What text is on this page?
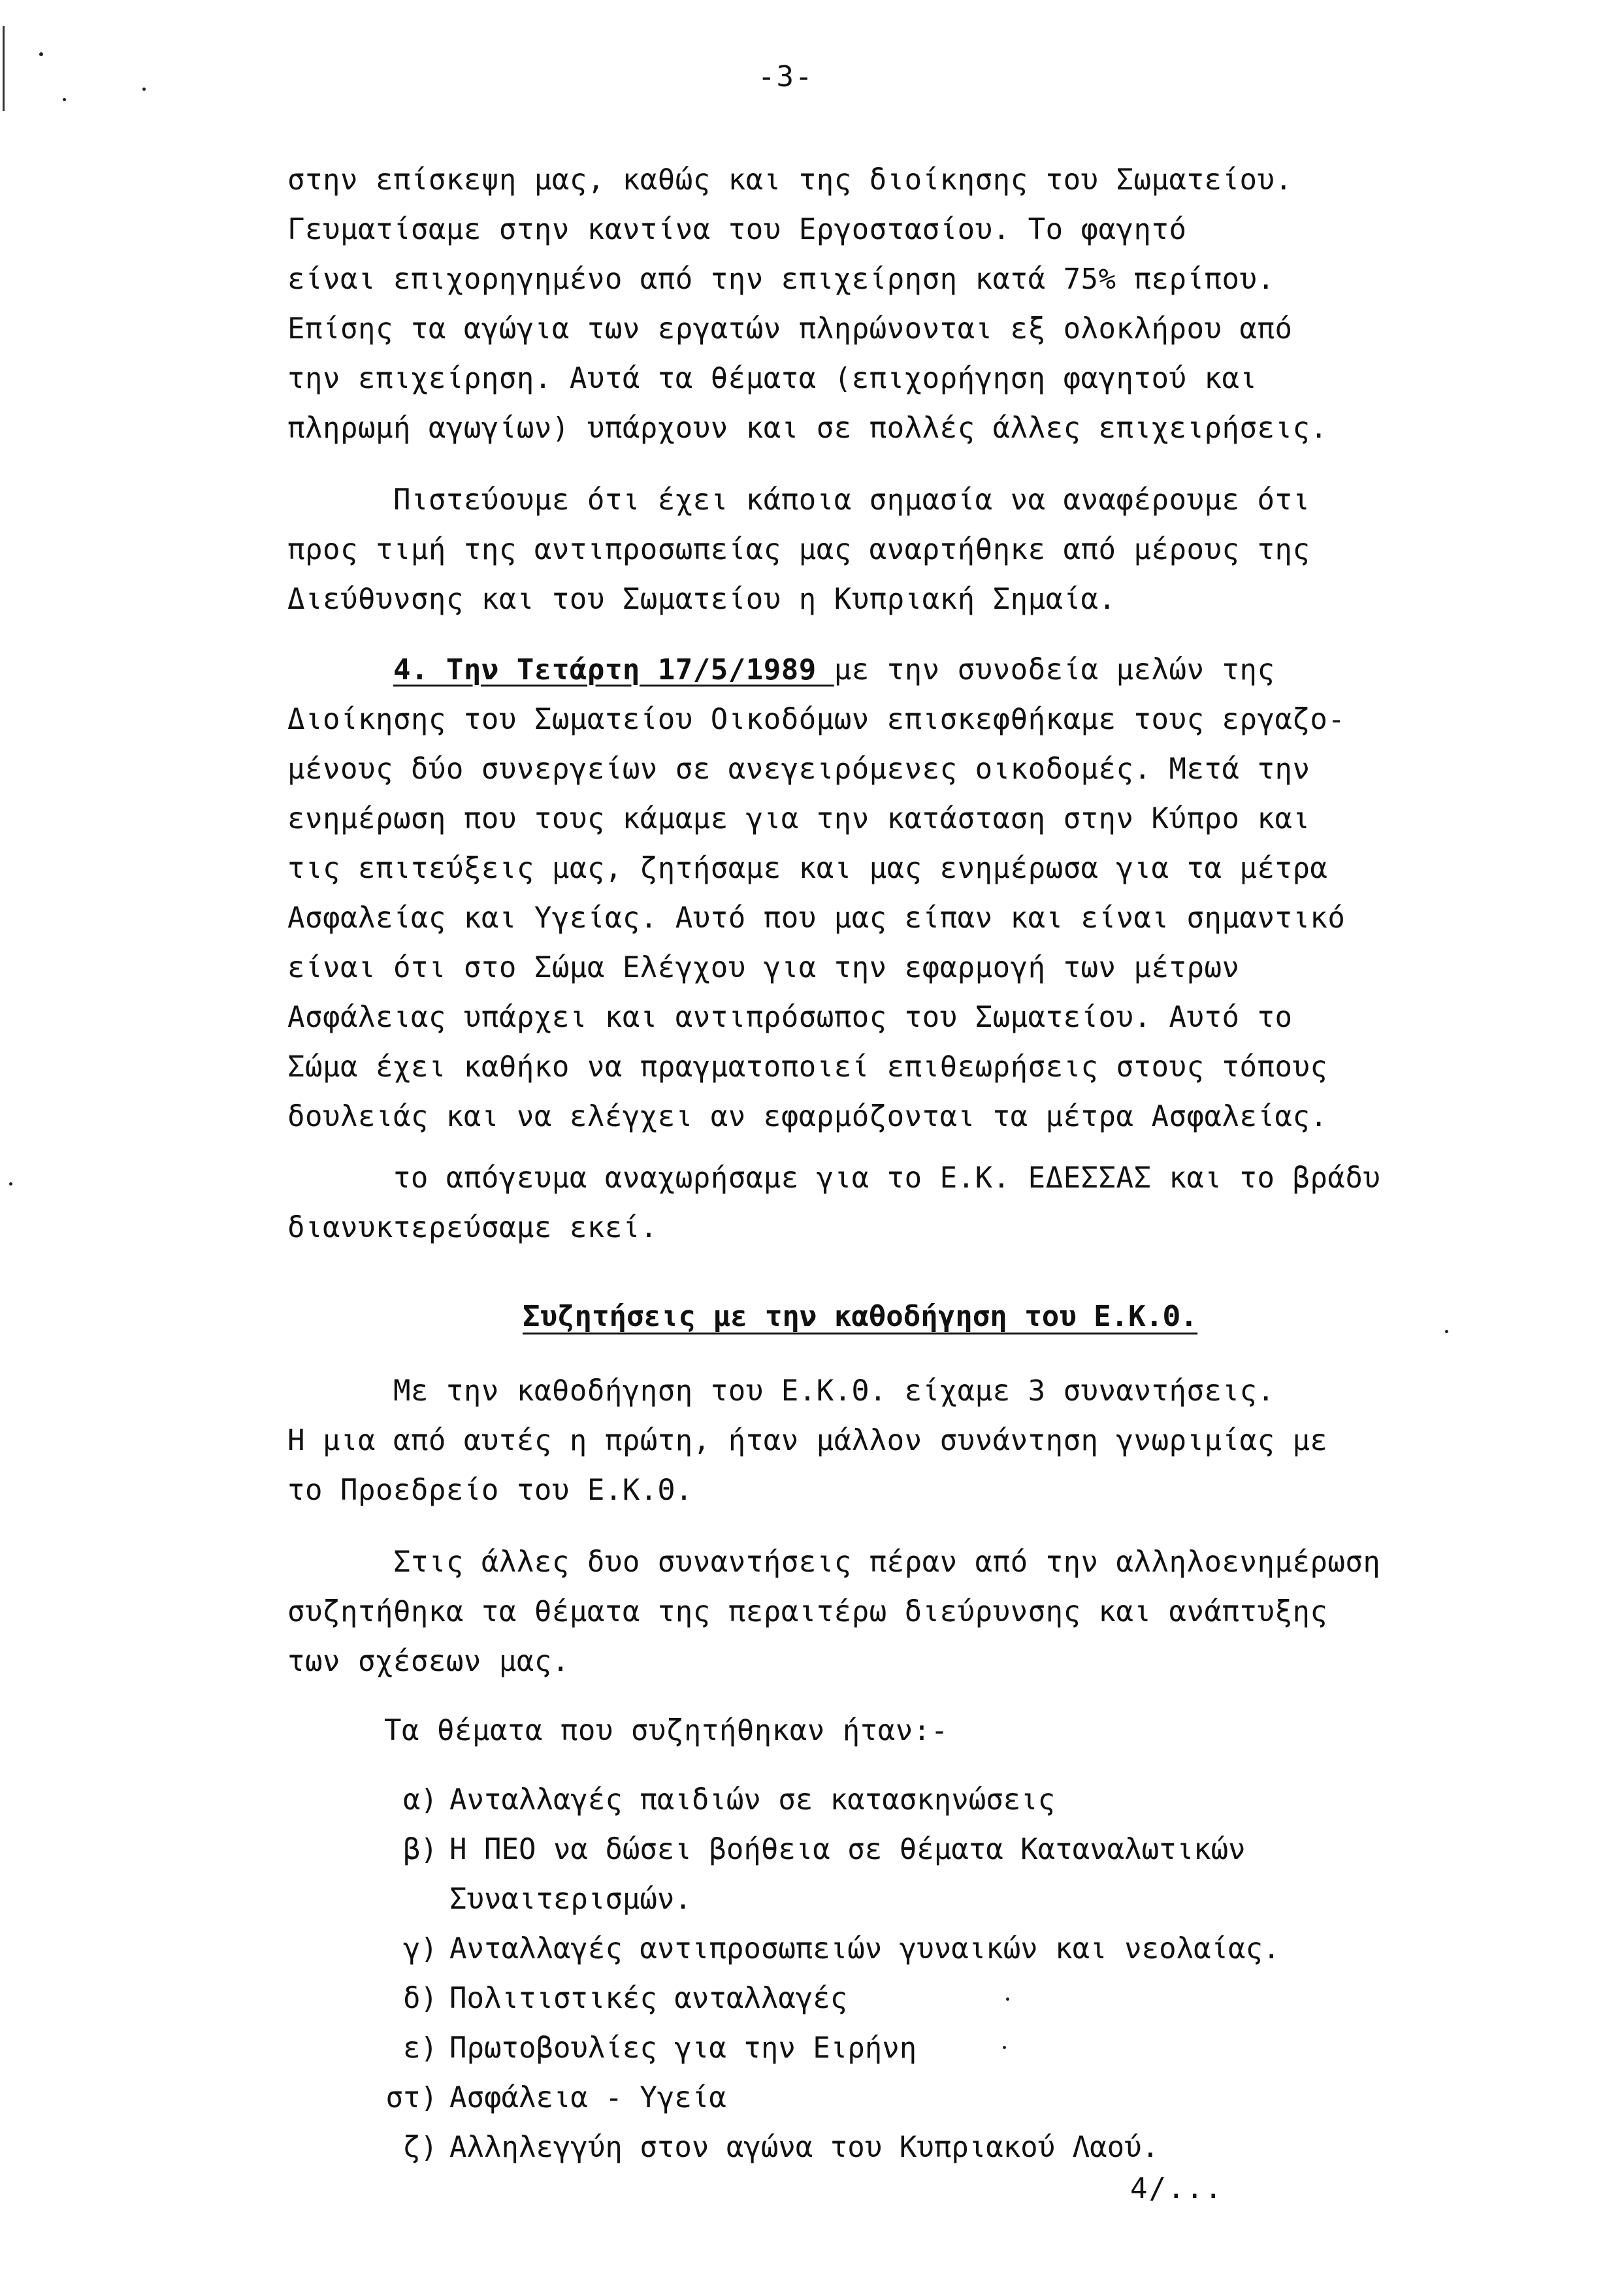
-3-
στην επίσκεψη μας, καθώς και της διοίκησης του Σωματείου.
Γευματίσαμε στην καντίνα του Εργοστασίου. Το φαγητό
είναι επιχορηγημένο από την επιχείρηση κατά 75% περίπου.
Επίσης τα αγώγια των εργατών πληρώνονται εξ ολοκλήρου από
την επιχείρηση. Αυτά τα θέματα (επιχορήγηση φαγητού και
πληρωμή αγωγίων) υπάρχουν και σε πολλές άλλες επιχειρήσεις.
Πιστεύουμε ότι έχει κάποια σημασία να αναφέρουμε ότι
προς τιμή της αντιπροσωπείας μας αναρτήθηκε από μέρους της
Διεύθυνσης και του Σωματείου η Κυπριακή Σημαία.
4. Την Τετάρτη 17/5/1989 με την συνοδεία μελών της
Διοίκησης του Σωματείου Οικοδόμων επισκεφθήκαμε τους εργαζο-
μένους δύο συνεργείων σε ανεγειρόμενες οικοδομές. Μετά την
ενημέρωση που τους κάμαμε για την κατάσταση στην Κύπρο και
τις επιτεύξεις μας, ζητήσαμε και μας ενημέρωσα για τα μέτρα
Ασφαλείας και Υγείας. Αυτό που μας είπαν και είναι σημαντικό
είναι ότι στο Σώμα Ελέγχου για την εφαρμογή των μέτρων
Ασφάλειας υπάρχει και αντιπρόσωπος του Σωματείου. Αυτό το
Σώμα έχει καθήκο να πραγματοποιεί επιθεωρήσεις στους τόπους
δουλειάς και να ελέγχει αν εφαρμόζονται τα μέτρα Ασφαλείας.
το απόγευμα αναχωρήσαμε για το Ε.Κ. ΕΔΕΣΣΑΣ και το βράδυ
διανυκτερεύσαμε εκεί.
Συζητήσεις με την καθοδήγηση του Ε.Κ.Θ.
Με την καθοδήγηση του Ε.Κ.Θ. είχαμε 3 συναντήσεις.
Η μια από αυτές η πρώτη, ήταν μάλλον συνάντηση γνωριμίας με
το Προεδρείο του Ε.Κ.Θ.
Στις άλλες δυο συναντήσεις πέραν από την αλληλοενημέρωση
συζητήθηκα τα θέματα της περαιτέρω διεύρυνσης και ανάπτυξης
των σχέσεων μας.
Τα θέματα που συζητήθηκαν ήταν:-
α) Ανταλλαγές παιδιών σε κατασκηνώσεις
β) Η ΠΕΟ να δώσει βοήθεια σε θέματα Καταναλωτικών
Συναιτερισμών.
γ) Ανταλλαγές αντιπροσωπειών γυναικών και νεολαίας.
δ) Πολιτιστικές ανταλλαγές
ε) Πρωτοβουλίες για την Ειρήνη
στ) Ασφάλεια - Υγεία
ζ) Αλληλεγγύη στον αγώνα του Κυπριακού Λαού.
4/...
